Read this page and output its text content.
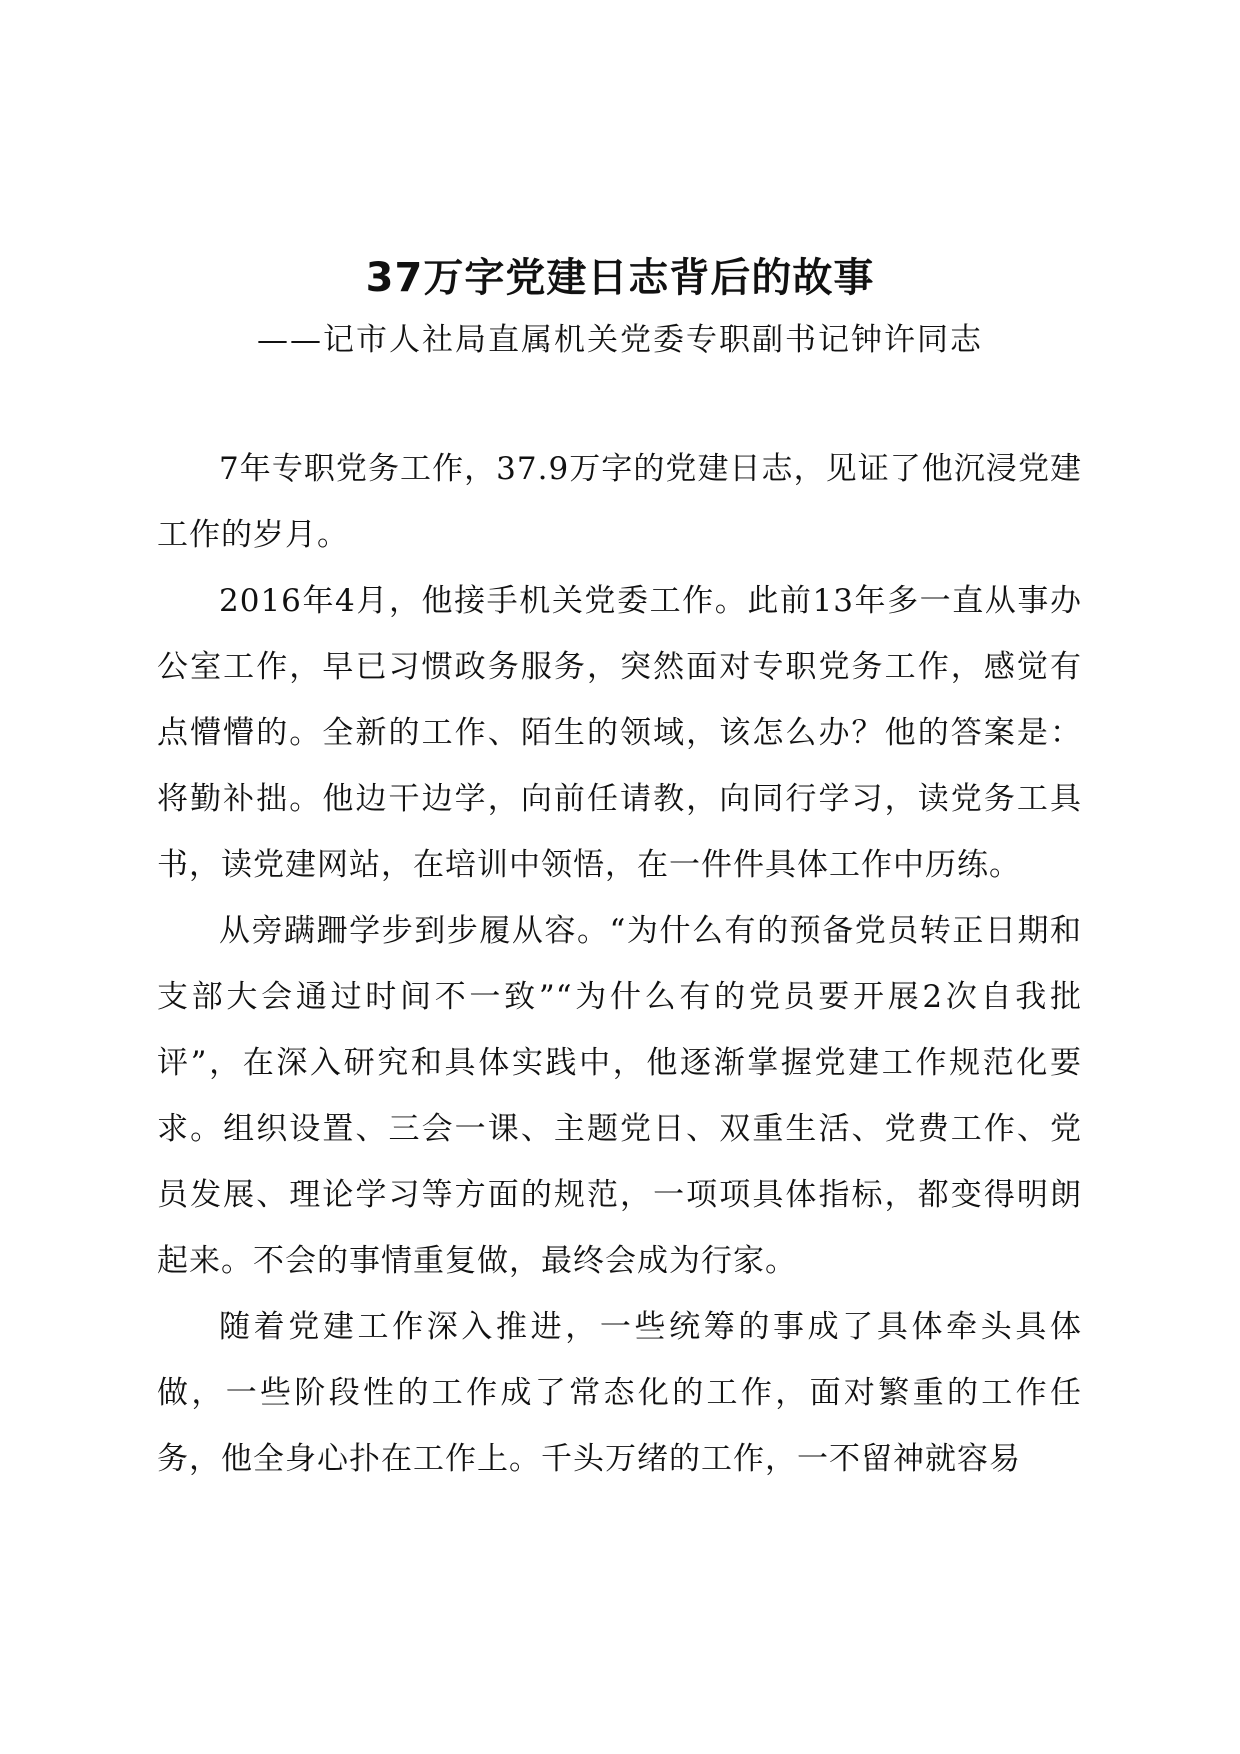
37万字党建日志背后的故事
——记市人社局直属机关党委专职副书记钟许同志

7年专职党务工作，37.9万字的党建日志，见证了他沉浸党建工作的岁月。

2016年4月，他接手机关党委工作。此前13年多一直从事办公室工作，早已习惯政务服务，突然面对专职党务工作，感觉有点懵懵的。全新的工作、陌生的领域，该怎么办？他的答案是：将勤补拙。他边干边学，向前任请教，向同行学习，读党务工具书，读党建网站，在培训中领悟，在一件件具体工作中历练。

从旁蹒跚学步到步履从容。“为什么有的预备党员转正日期和支部大会通过时间不一致”“为什么有的党员要开展2次自我批评”，在深入研究和具体实践中，他逐渐掌握党建工作规范化要求。组织设置、三会一课、主题党日、双重生活、党费工作、党员发展、理论学习等方面的规范，一项项具体指标，都变得明朗起来。不会的事情重复做，最终会成为行家。

随着党建工作深入推进，一些统筹的事成了具体牵头具体做，一些阶段性的工作成了常态化的工作，面对繁重的工作任务，他全身心扑在工作上。千头万绪的工作，一不留神就容易
